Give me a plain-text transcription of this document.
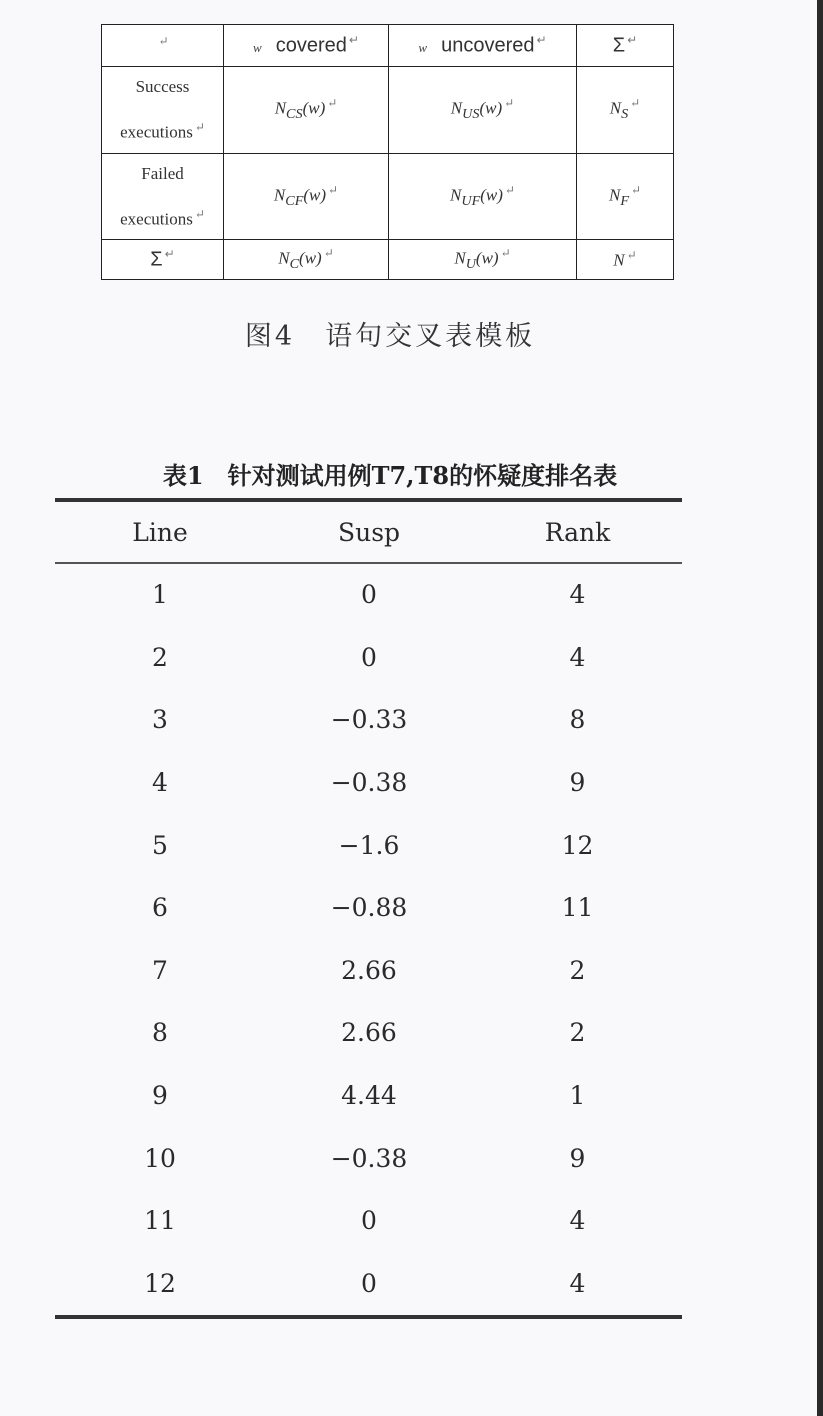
↵	w covered ↵	w uncovered ↵	Σ ↵

Success
executions ↵	$N_{CS}(w)$ ↵	$N_{US}(w)$ ↵	$N_S^↵$

Failed
executions ↵	$N_{CF}(w)$ ↵	$N_{UF}(w)$ ↵	$N_F^↵$
Σ ↵	$N_C(w)$ ↵	$N_U(w)$ ↵	N ↵
图4　语句交叉表模板
表1　针对测试用例T7,T8的怀疑度排名表
Line	Susp	Rank
1	0	4
2	0	4
3	−0.33	8
4	−0.38	9
5	−1.6	12
6	−0.88	11
7	2.66	2
8	2.66	2
9	4.44	1
10	−0.38	9
11	0	4
12	0	4
